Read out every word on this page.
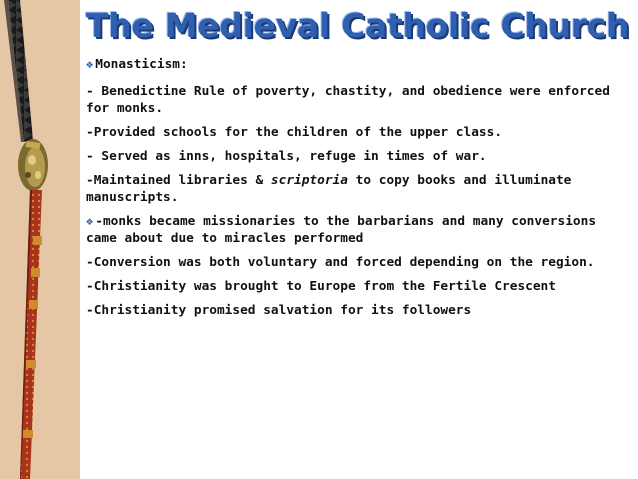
The Medieval Catholic Church

❖ Monasticism:

- Benedictine Rule of poverty, chastity, and obedience were enforced for monks.

-Provided schools for the children of the upper class.

- Served as inns, hospitals, refuge in times of war.

-Maintained libraries & scriptoria to copy books and illuminate manuscripts.

❖ -monks became missionaries to the barbarians and many conversions came about due to miracles performed

-Conversion was both voluntary and forced depending on the region.

-Christianity was brought to Europe from the Fertile Crescent

-Christianity promised salvation for its followers
